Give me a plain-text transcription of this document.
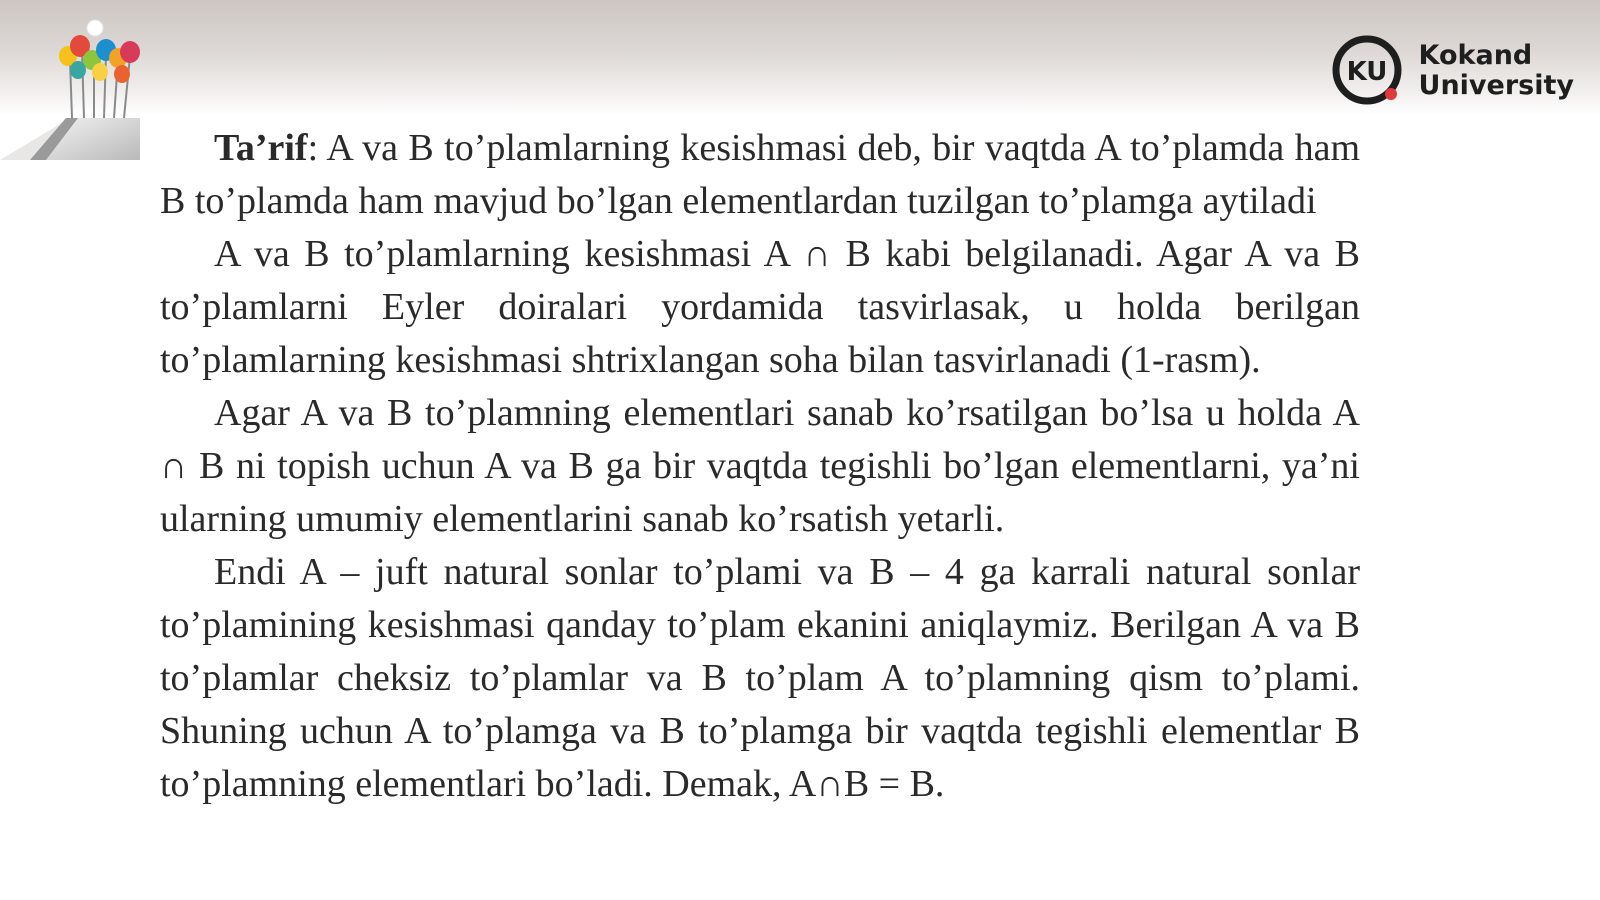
KU
Kokand
University

Ta’rif: A va B to’plamlarning kesishmasi deb, bir vaqtda A to’plamda ham B to’plamda ham mavjud bo’lgan elementlardan tuzilgan to’plamga aytiladi

A va B to’plamlarning kesishmasi A ∩ B kabi belgilanadi. Agar A va B to’plamlarni Eyler doiralari yordamida tasvirlasak, u holda berilgan to’plamlarning kesishmasi shtrixlangan soha bilan tasvirlanadi (1-rasm).

Agar A va B to’plamning elementlari sanab ko’rsatilgan bo’lsa u holda A ∩ B ni topish uchun A va B ga bir vaqtda tegishli bo’lgan elementlarni, ya’ni ularning umumiy elementlarini sanab ko’rsatish yetarli.

Endi A – juft natural sonlar to’plami va B – 4 ga karrali natural sonlar to’plamining kesishmasi qanday to’plam ekanini aniqlaymiz. Berilgan A va B to’plamlar cheksiz to’plamlar va B to’plam A to’plamning qism to’plami. Shuning uchun A to’plamga va B to’plamga bir vaqtda tegishli elementlar B to’plamning elementlari bo’ladi. Demak, A∩B = B.
